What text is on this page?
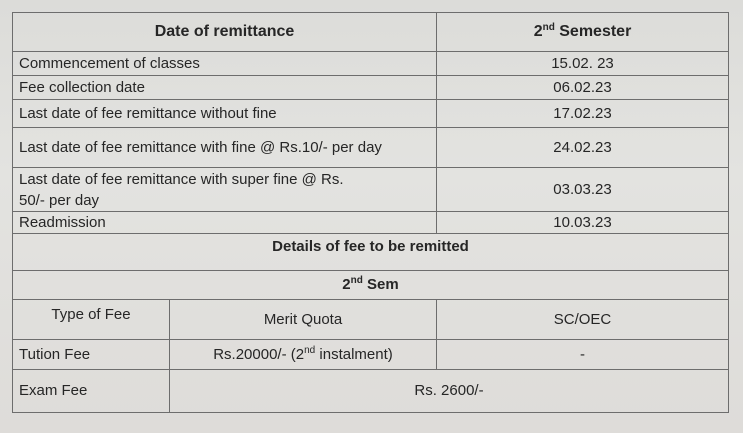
Date of remittance		2nd Semester
Commencement of classes		15.02. 23
Fee collection date		06.02.23
Last date of fee remittance without fine		17.02.23
Last date of fee remittance with fine @ Rs.10/- per day		24.02.23
Last date of fee remittance with super fine @ Rs. 50/- per day		03.03.23
Readmission		10.03.23
Details of fee to be remitted		
2nd Sem		
Type of Fee	Merit Quota	SC/OEC
Tution Fee	Rs.20000/- (2nd instalment)	-
Exam Fee	Rs. 2600/-	
